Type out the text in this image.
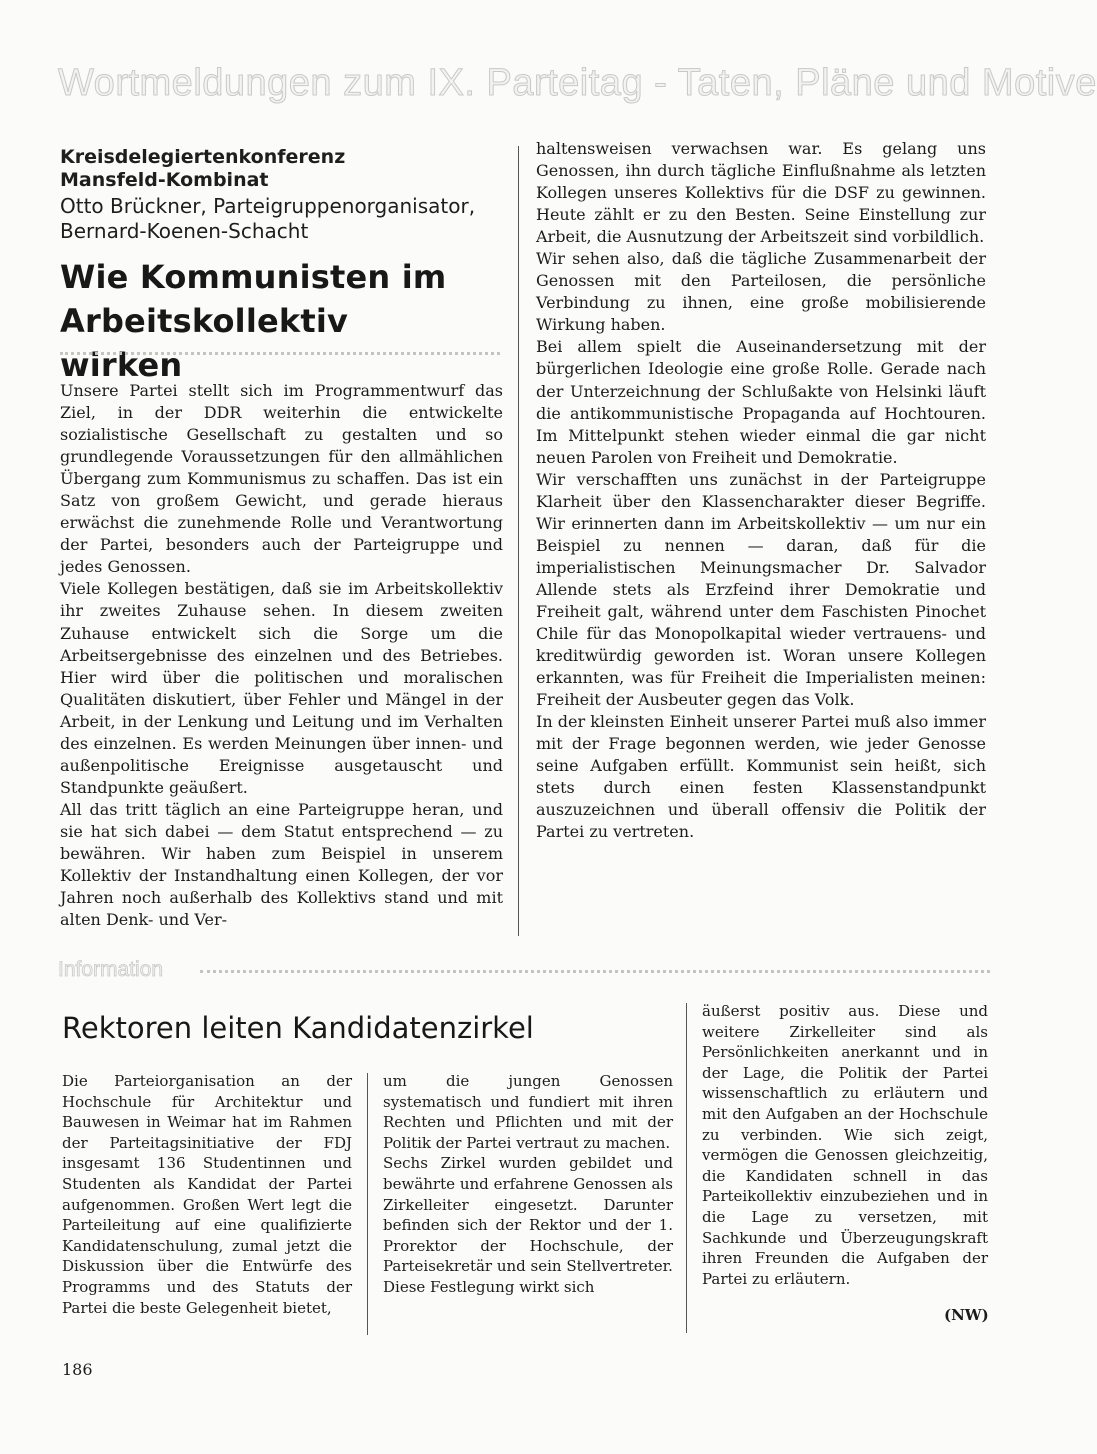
Wortmeldungen zum IX. Parteitag - Taten, Pläne und Motive
Kreisdelegiertenkonferenz Mansfeld-Kombinat
Otto Brückner, Parteigruppenorganisator, Bernard-Koenen-Schacht
Wie Kommunisten im Arbeitskollektiv wirken

Unsere Partei stellt sich im Programmentwurf das Ziel, in der DDR weiterhin die entwickelte sozialistische Gesellschaft zu gestalten und so grundlegende Voraussetzungen für den allmählichen Übergang zum Kommunismus zu schaffen. Das ist ein Satz von großem Gewicht, und gerade hieraus erwächst die zunehmende Rolle und Verantwortung der Partei, besonders auch der Parteigruppe und jedes Genossen.

Viele Kollegen bestätigen, daß sie im Arbeitskollektiv ihr zweites Zuhause sehen. In diesem zweiten Zuhause entwickelt sich die Sorge um die Arbeitsergebnisse des einzelnen und des Betriebes. Hier wird über die politischen und moralischen Qualitäten diskutiert, über Fehler und Mängel in der Arbeit, in der Lenkung und Leitung und im Verhalten des einzelnen. Es werden Meinungen über innen- und außenpolitische Ereignisse ausgetauscht und Standpunkte geäußert.

All das tritt täglich an eine Parteigruppe heran, und sie hat sich dabei — dem Statut entsprechend — zu bewähren. Wir haben zum Beispiel in unserem Kollektiv der Instandhaltung einen Kollegen, der vor Jahren noch außerhalb des Kollektivs stand und mit alten Denk- und Ver-

haltensweisen verwachsen war. Es gelang uns Genossen, ihn durch tägliche Einflußnahme als letzten Kollegen unseres Kollektivs für die DSF zu gewinnen. Heute zählt er zu den Besten. Seine Einstellung zur Arbeit, die Ausnutzung der Arbeitszeit sind vorbildlich.

Wir sehen also, daß die tägliche Zusammenarbeit der Genossen mit den Parteilosen, die persönliche Verbindung zu ihnen, eine große mobilisierende Wirkung haben.

Bei allem spielt die Auseinandersetzung mit der bürgerlichen Ideologie eine große Rolle. Gerade nach der Unterzeichnung der Schlußakte von Helsinki läuft die antikommunistische Propaganda auf Hochtouren. Im Mittelpunkt stehen wieder einmal die gar nicht neuen Parolen von Freiheit und Demokratie.

Wir verschafften uns zunächst in der Parteigruppe Klarheit über den Klassencharakter dieser Begriffe. Wir erinnerten dann im Arbeitskollektiv — um nur ein Beispiel zu nennen — daran, daß für die imperialistischen Meinungsmacher Dr. Salvador Allende stets als Erzfeind ihrer Demokratie und Freiheit galt, während unter dem Faschisten Pinochet Chile für das Monopolkapital wieder vertrauens- und kreditwürdig geworden ist. Woran unsere Kollegen erkannten, was für Freiheit die Imperialisten meinen: Freiheit der Ausbeuter gegen das Volk.

In der kleinsten Einheit unserer Partei muß also immer mit der Frage begonnen werden, wie jeder Genosse seine Aufgaben erfüllt. Kommunist sein heißt, sich stets durch einen festen Klassenstandpunkt auszuzeichnen und überall offensiv die Politik der Partei zu vertreten.

Information
Rektoren leiten Kandidatenzirkel

Die Parteiorganisation an der Hochschule für Architektur und Bauwesen in Weimar hat im Rahmen der Parteitagsinitiative der FDJ insgesamt 136 Studentinnen und Studenten als Kandidat der Partei aufgenommen. Großen Wert legt die Parteileitung auf eine qualifizierte Kandidatenschulung, zumal jetzt die Diskussion über die Entwürfe des Programms und des Statuts der Partei die beste Gelegenheit bietet,

um die jungen Genossen systematisch und fundiert mit ihren Rechten und Pflichten und mit der Politik der Partei vertraut zu machen.

Sechs Zirkel wurden gebildet und bewährte und erfahrene Genossen als Zirkelleiter eingesetzt. Darunter befinden sich der Rektor und der 1. Prorektor der Hochschule, der Parteisekretär und sein Stellvertreter.

Diese Festlegung wirkt sich

äußerst positiv aus. Diese und weitere Zirkelleiter sind als Persönlichkeiten anerkannt und in der Lage, die Politik der Partei wissenschaftlich zu erläutern und mit den Aufgaben an der Hochschule zu verbinden. Wie sich zeigt, vermögen die Genossen gleichzeitig, die Kandidaten schnell in das Parteikollektiv einzubeziehen und in die Lage zu versetzen, mit Sachkunde und Überzeugungskraft ihren Freunden die Aufgaben der Partei zu erläutern.

(NW)
186
